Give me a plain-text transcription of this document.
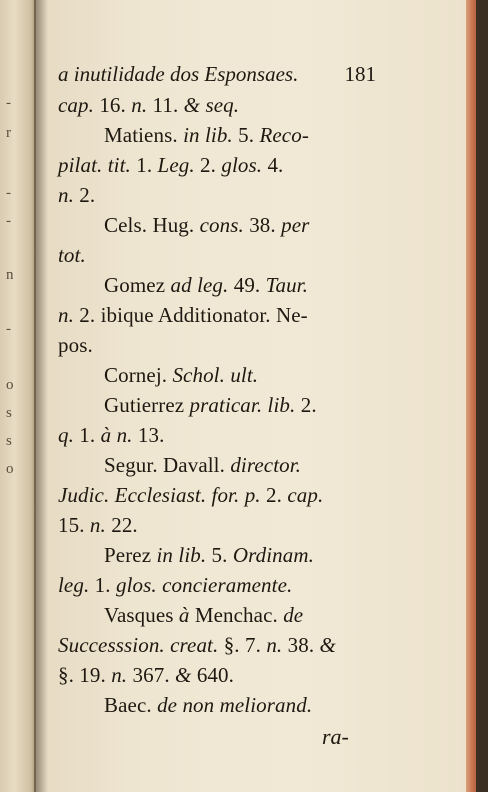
-
r
-
-
n
-
o
s
s
o
a inutilidade dos Esponsaes. 181
cap. 16. n. 11. & seq.
Matiens. in lib. 5. Reco-
pilat. tit. 1. Leg. 2. glos. 4.
n. 2.
Cels. Hug. cons. 38. per
tot.
Gomez ad leg. 49. Taur.
n. 2. ibique Additionator. Ne-
pos.
Cornej. Schol. ult.
Gutierrez praticar. lib. 2.
q. 1. à n. 13.
Segur. Davall. director.
Judic. Ecclesiast. for. p. 2. cap.
15. n. 22.
Perez in lib. 5. Ordinam.
leg. 1. glos. concieramente.
Vasques à Menchac. de
Successsion. creat. §. 7. n. 38. &
§. 19. n. 367. & 640.
Baec. de non meliorand.
ra-
